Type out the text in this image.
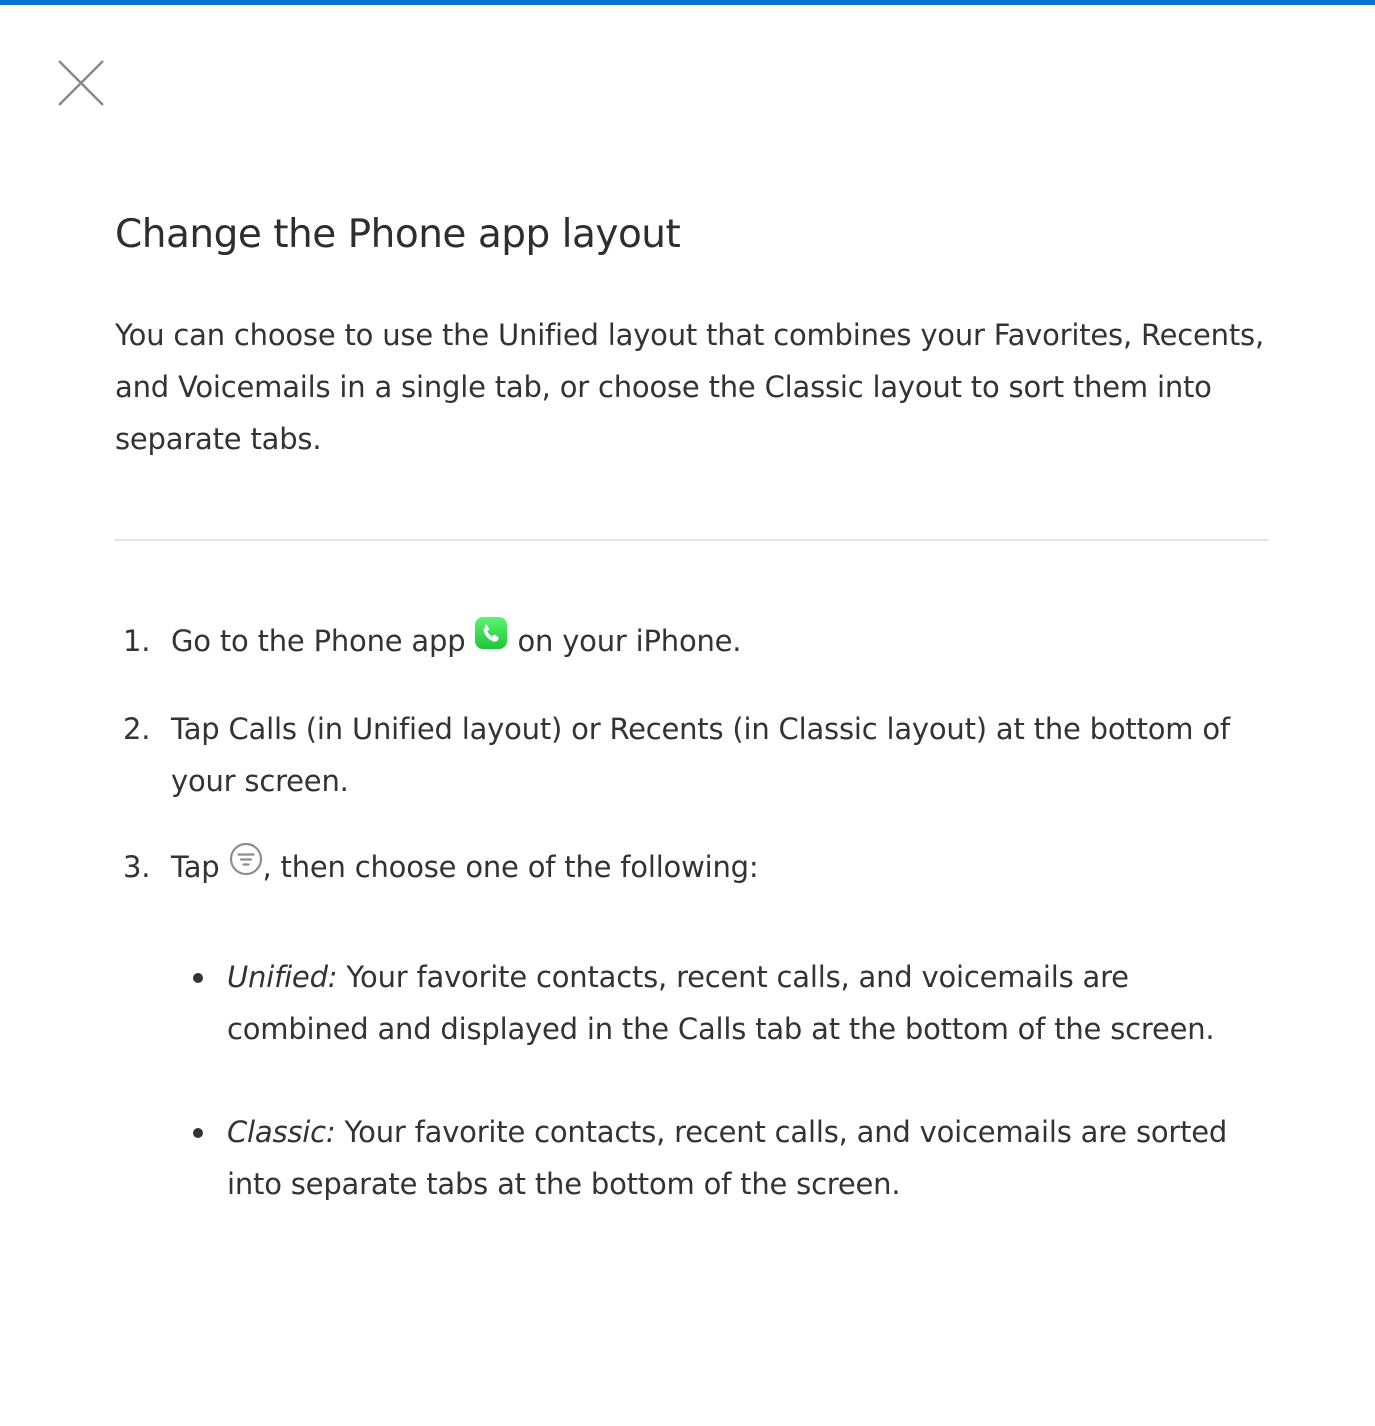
Change the Phone app layout

You can choose to use the Unified layout that combines your Favorites, Recents, and Voicemails in a single tab, or choose the Classic layout to sort them into separate tabs.

1. Go to the Phone app  on your iPhone.
2. Tap Calls (in Unified layout) or Recents (in Classic layout) at the bottom of your screen.
3. Tap , then choose one of the following:
Unified: Your favorite contacts, recent calls, and voicemails are combined and displayed in the Calls tab at the bottom of the screen.
Classic: Your favorite contacts, recent calls, and voicemails are sorted into separate tabs at the bottom of the screen.
